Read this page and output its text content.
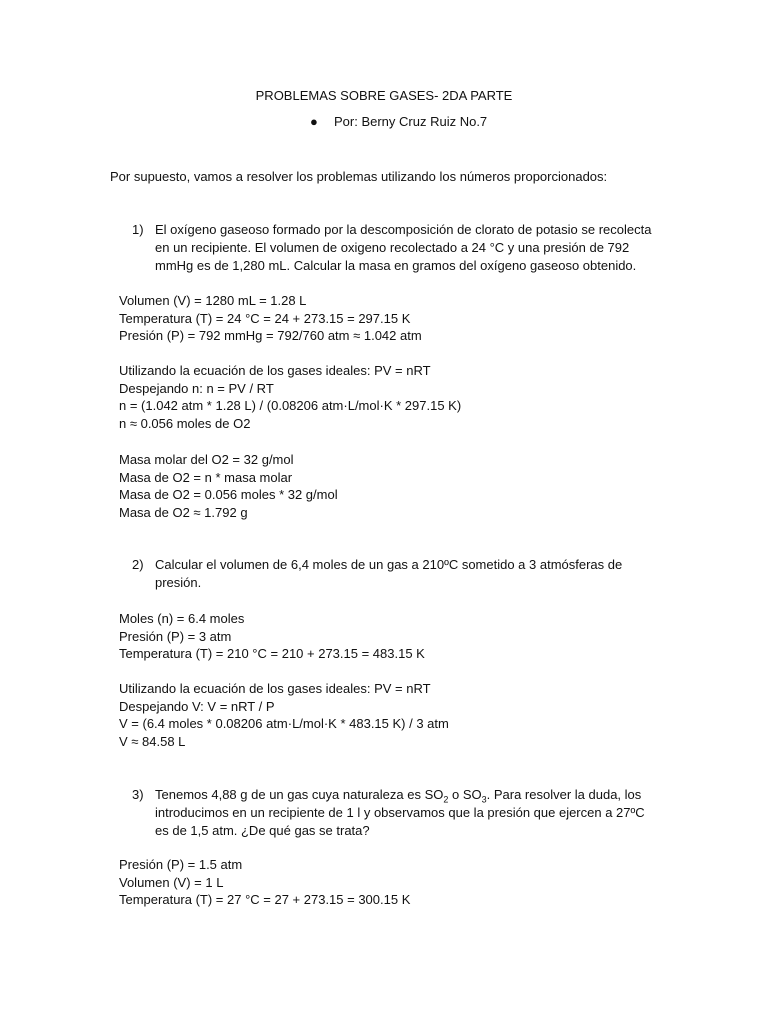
PROBLEMAS SOBRE GASES- 2DA PARTE
● Por: Berny Cruz Ruiz No.7
Por supuesto, vamos a resolver los problemas utilizando los números proporcionados:
1) El oxígeno gaseoso formado por la descomposición de clorato de potasio se recolecta en un recipiente. El volumen de oxigeno recolectado a 24 °C y una presión de 792 mmHg es de 1,280 mL. Calcular la masa en gramos del oxígeno gaseoso obtenido.
Volumen (V) = 1280 mL = 1.28 L
Temperatura (T) = 24 °C = 24 + 273.15 = 297.15 K
Presión (P) = 792 mmHg = 792/760 atm ≈ 1.042 atm
Utilizando la ecuación de los gases ideales: PV = nRT
Despejando n: n = PV / RT
n = (1.042 atm * 1.28 L) / (0.08206 atm·L/mol·K * 297.15 K)
n ≈ 0.056 moles de O2
Masa molar del O2 = 32 g/mol
Masa de O2 = n * masa molar
Masa de O2 = 0.056 moles * 32 g/mol
Masa de O2 ≈ 1.792 g
2) Calcular el volumen de 6,4 moles de un gas a 210ºC sometido a 3 atmósferas de presión.
Moles (n) = 6.4 moles
Presión (P) = 3 atm
Temperatura (T) = 210 °C = 210 + 273.15 = 483.15 K
Utilizando la ecuación de los gases ideales: PV = nRT
Despejando V: V = nRT / P
V = (6.4 moles * 0.08206 atm·L/mol·K * 483.15 K) / 3 atm
V ≈ 84.58 L
3) Tenemos 4,88 g de un gas cuya naturaleza es $SO_2$ o $SO_3$. Para resolver la duda, los introducimos en un recipiente de 1 l y observamos que la presión que ejercen a 27ºC es de 1,5 atm. ¿De qué gas se trata?
Presión (P) = 1.5 atm
Volumen (V) = 1 L
Temperatura (T) = 27 °C = 27 + 273.15 = 300.15 K
